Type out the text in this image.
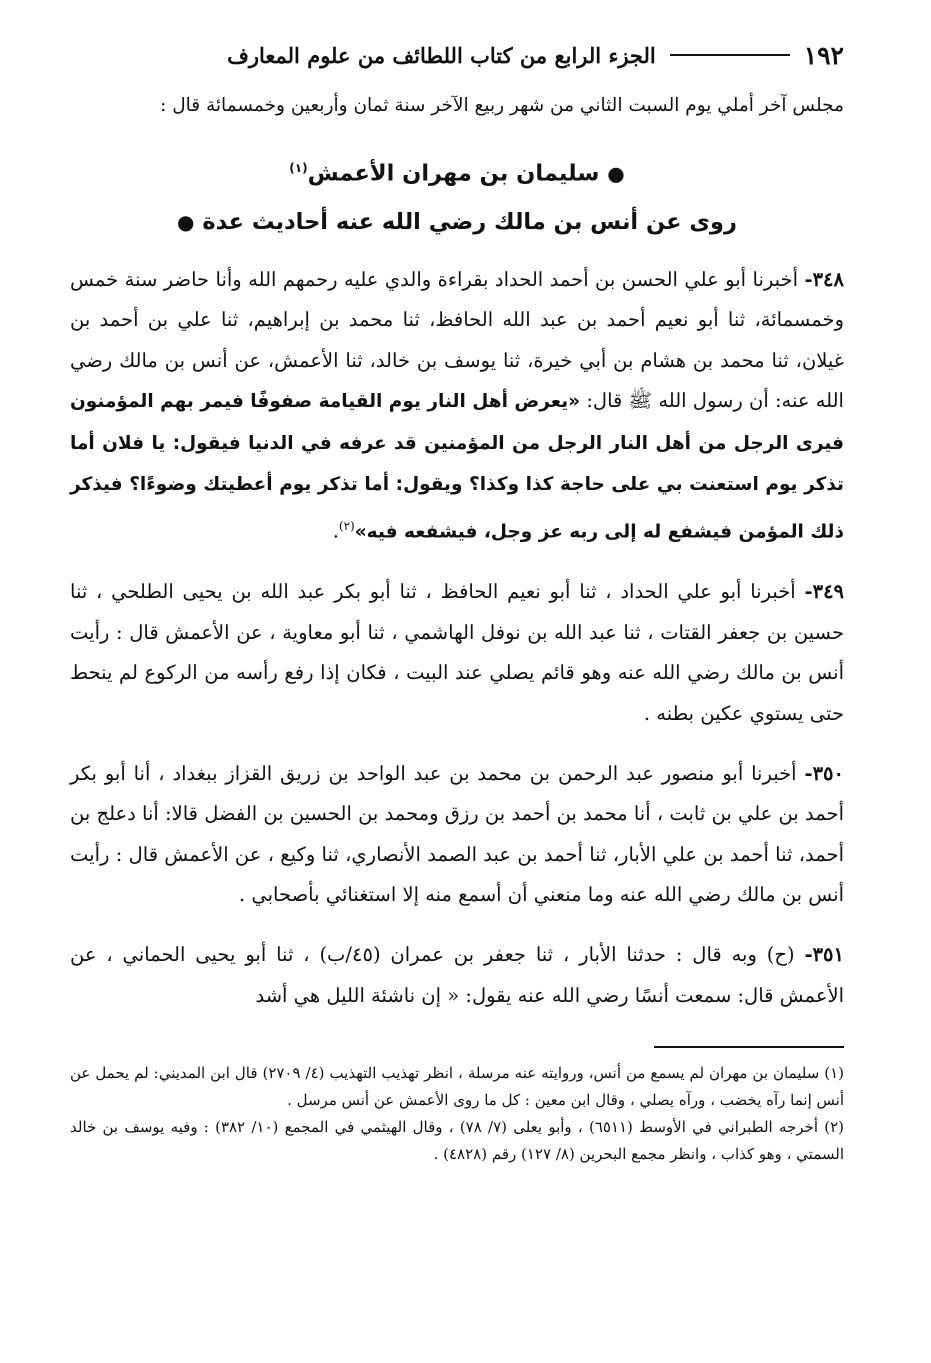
١٩٢
الجزء الرابع من كتاب اللطائف من علوم المعارف
مجلس آخر أملي يوم السبت الثاني من شهر ربيع الآخر سنة ثمان وأربعين وخمسمائة قال :
● سليمان بن مهران الأعمش$^{(١)}$
روى عن أنس بن مالك رضي الله عنه أحاديث عدة ●

٣٤٨- أخبرنا أبو علي الحسن بن أحمد الحداد بقراءة والدي عليه رحمهم الله وأنا حاضر سنة خمس وخمسمائة، ثنا أبو نعيم أحمد بن عبد الله الحافظ، ثنا محمد بن إبراهيم، ثنا علي بن أحمد بن غيلان، ثنا محمد بن هشام بن أبي خيرة، ثنا يوسف بن خالد، ثنا الأعمش، عن أنس بن مالك رضي الله عنه: أن رسول الله ﷺ قال: «يعرض أهل النار يوم القيامة صفوفًا فيمر بهم المؤمنون فيرى الرجل من أهل النار الرجل من المؤمنين قد عرفه في الدنيا فيقول: يا فلان أما تذكر يوم استعنت بي على حاجة كذا وكذا؟ ويقول: أما تذكر يوم أعطيتك وضوءًا؟ فيذكر ذلك المؤمن فيشفع له إلى ربه عز وجل، فيشفعه فيه»$^{(٢)}$.

٣٤٩- أخبرنا أبو علي الحداد ، ثنا أبو نعيم الحافظ ، ثنا أبو بكر عبد الله بن يحيى الطلحي ، ثنا حسين بن جعفر القتات ، ثنا عبد الله بن نوفل الهاشمي ، ثنا أبو معاوية ، عن الأعمش قال : رأيت أنس بن مالك رضي الله عنه وهو قائم يصلي عند البيت ، فكان إذا رفع رأسه من الركوع لم ينحط حتى يستوي عكين بطنه .

٣٥٠- أخبرنا أبو منصور عبد الرحمن بن محمد بن عبد الواحد بن زريق القزاز ببغداد ، أنا أبو بكر أحمد بن علي بن ثابت ، أنا محمد بن أحمد بن رزق ومحمد بن الحسين بن الفضل قالا: أنا دعلج بن أحمد، ثنا أحمد بن علي الأبار، ثنا أحمد بن عبد الصمد الأنصاري، ثنا وكيع ، عن الأعمش قال : رأيت أنس بن مالك رضي الله عنه وما منعني أن أسمع منه إلا استغنائي بأصحابي .

٣٥١- (ح) وبه قال : حدثنا الأبار ، ثنا جعفر بن عمران (٤٥/ب) ، ثنا أبو يحيى الحماني ، عن الأعمش قال: سمعت أنسًا رضي الله عنه يقول: « إن ناشئة الليل هي أشد

(١) سليمان بن مهران لم يسمع من أنس، وروايته عنه مرسلة ، انظر تهذيب التهذيب (٤/ ٢٧٠٩) قال ابن المديني: لم يحمل عن أنس إنما رآه يخضب ، ورآه يصلي ، وقال ابن معين : كل ما روى الأعمش عن أنس مرسل .

(٢) أخرجه الطبراني في الأوسط (٦٥١١) ، وأبو يعلى (٧/ ٧٨) ، وقال الهيثمي في المجمع (١٠/ ٣٨٢) : وفيه يوسف بن خالد السمتي ، وهو كذاب ، وانظر مجمع البحرين (٨/ ١٢٧) رقم (٤٨٢٨) .
